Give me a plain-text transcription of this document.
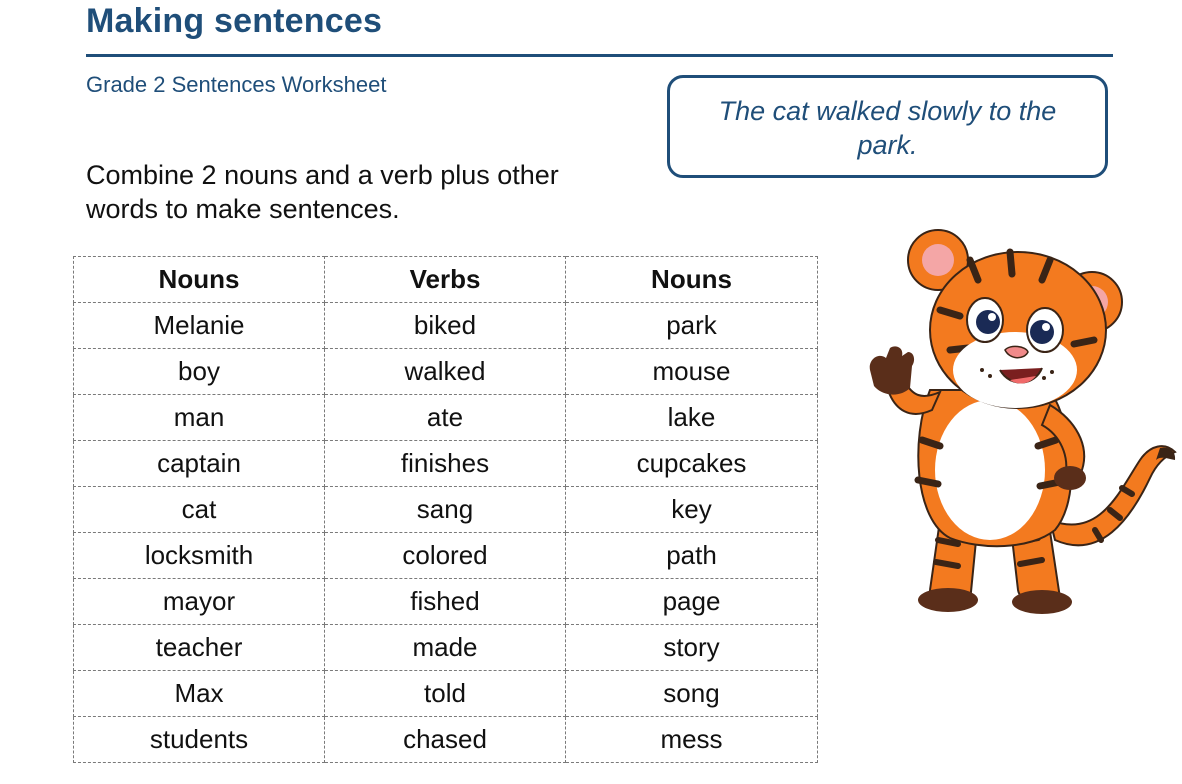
Making sentences
Grade 2 Sentences Worksheet
The cat walked slowly to the park.
Combine 2 nouns and a verb plus other words to make sentences.
Nouns	Verbs	Nouns
Melanie	biked	park
boy	walked	mouse
man	ate	lake
captain	finishes	cupcakes
cat	sang	key
locksmith	colored	path
mayor	fished	page
teacher	made	story
Max	told	song
students	chased	mess
